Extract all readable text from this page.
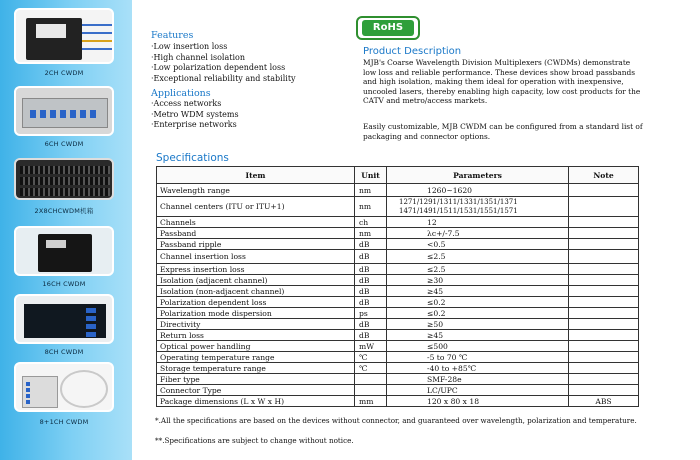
2CH CWDM
6CH CWDM
2X8CHCWDM机箱
16CH CWDM
8CH CWDM
8+1CH CWDM
Features
·Low insertion loss
·High channel isolation
·Low polarization dependent loss
·Exceptional reliability and stability
Applications
·Access networks
·Metro WDM systems
·Enterprise networks
RoHS
Product Description
MJB's Coarse Wavelength Division Multiplexers (CWDMs) demonstrate low loss and reliable performance. These devices show broad passbands and high isolation, making them ideal for operation with inexpensive, uncooled lasers, thereby enabling high capacity, low cost products for the CATV and metro/access markets.
Easily customizable, MJB CWDM can be configured from a standard list of packaging and connector options.
Specifications
Item	Unit	Parameters	Note
Wavelength range	nm	1260~1620	
Channel centers (ITU or ITU+1)	nm	1271/1291/1311/1331/1351/1371
1471/1491/1511/1531/1551/1571	
Channels	ch	12	
Passband	nm	λc+/-7.5	
Passband ripple	dB	<0.5	
Channel insertion loss	dB	≤2.5	
Express insertion loss	dB	≤2.5	
Isolation (adjacent channel)	dB	≥30	
Isolation (non-adjacent channel)	dB	≥45	
Polarization dependent loss	dB	≤0.2	
Polarization mode dispersion	ps	≤0.2	
Directivity	dB	≥50	
Return loss	dB	≥45	
Optical power handling	mW	≤500	
Operating temperature range	℃	-5 to 70 ℃	
Storage temperature range	℃	-40 to +85℃	
Fiber type		SMF-28e	
Connector Type		LC/UPC	
Package dimensions (L x W x H)	mm	120 x 80 x 18	ABS
*.All the specifications are based on the devices without connector, and guaranteed over wavelength, polarization and temperature.
**.Specifications are subject to change without notice.
